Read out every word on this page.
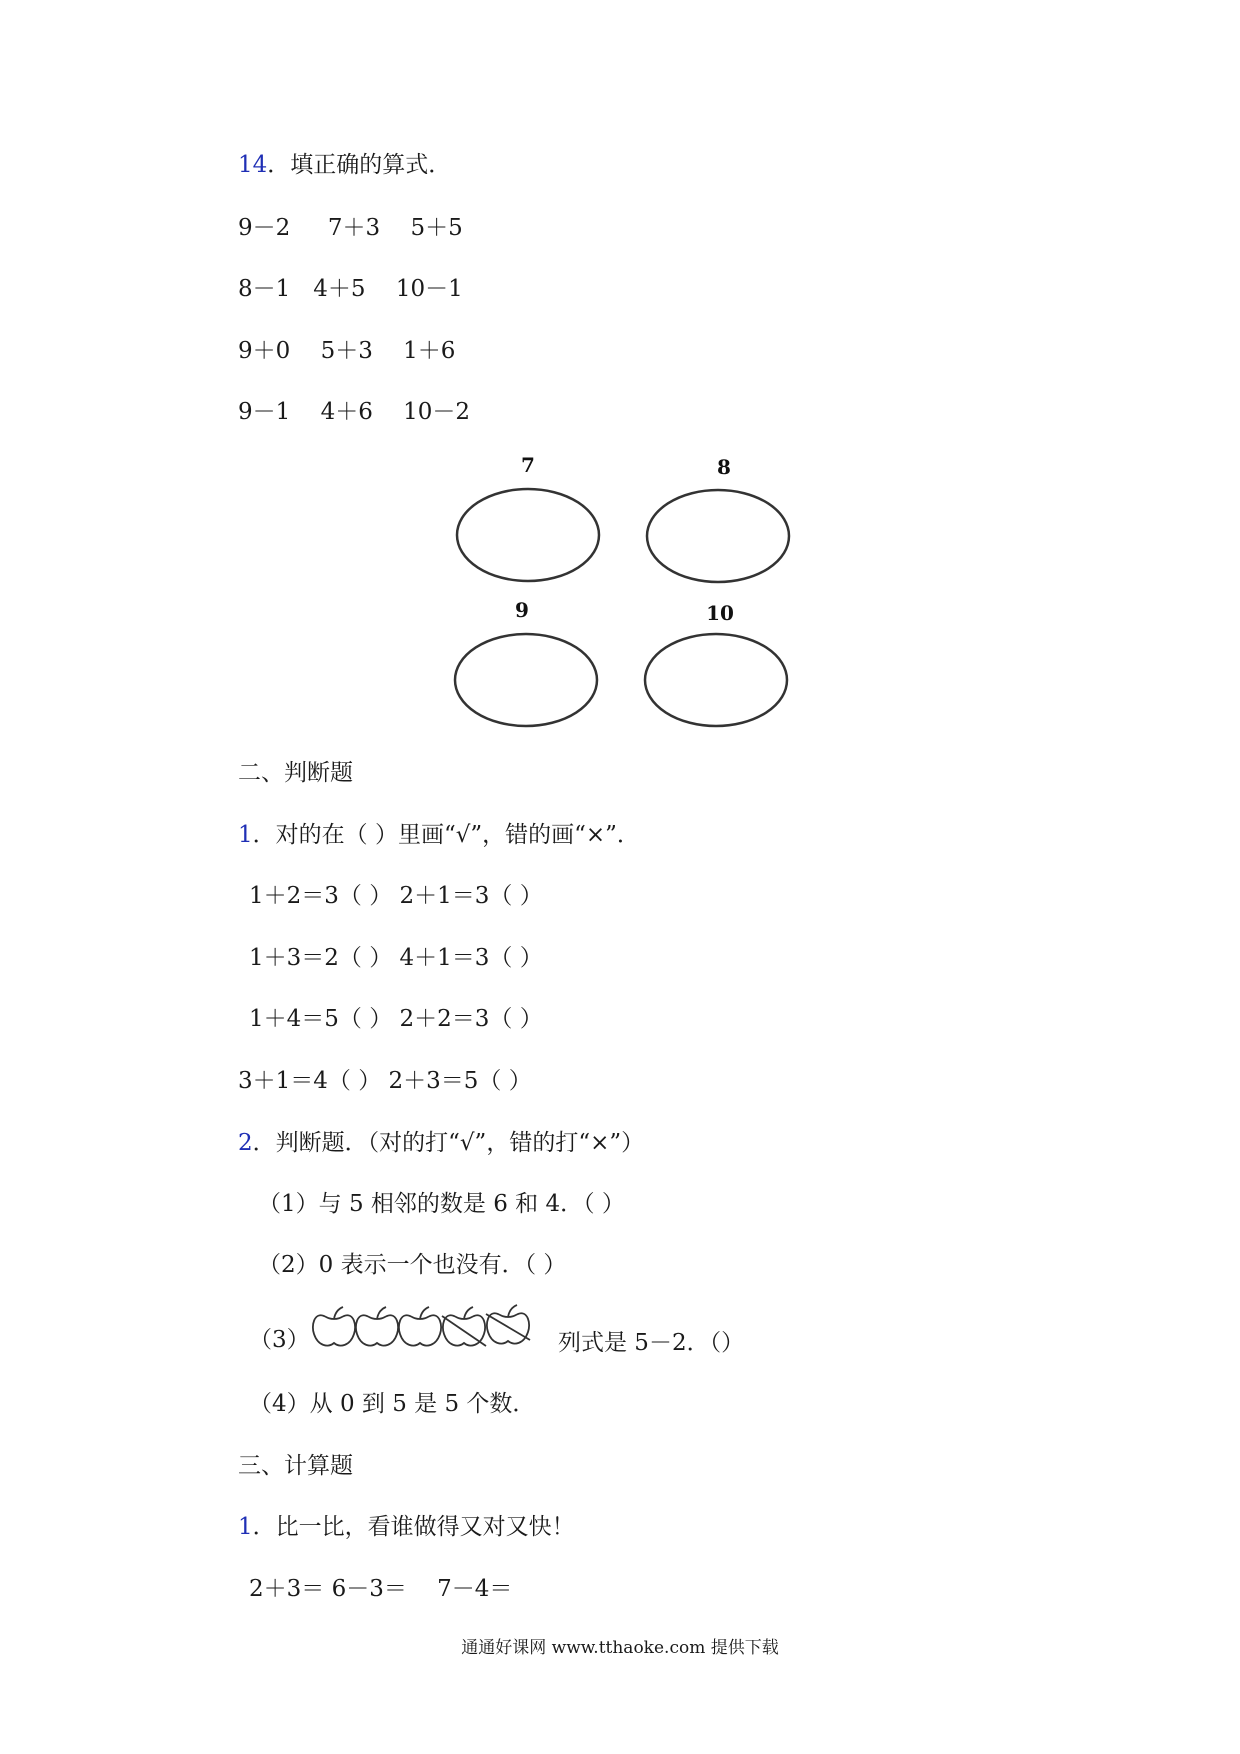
14．填正确的算式．
9－2　  7＋3　 5＋5
8－1　4＋5　 10－1
9＋0　 5＋3　 1＋6
9－1　 4＋6　 10－2
7	8
9	10
二、判断题
1．对的在（ ）里画“√”，错的画“×”．
1＋2＝3（ ） 2＋1＝3（ ）
1＋3＝2（ ） 4＋1＝3（ ）
1＋4＝5（ ） 2＋2＝3（ ）
3＋1＝4（ ） 2＋3＝5（ ）
2．判断题．（对的打“√”，错的打“×”）
（1）与 5 相邻的数是 6 和 4．（ ）
（2）0 表示一个也没有．（ ）
（3）	列式是 5－2．（）
（4）从 0 到 5 是 5 个数．
三、计算题
1．比一比，看谁做得又对又快！
2＋3＝ 6－3＝　 7－4＝
通通好课网 www.tthaoke.com 提供下载
